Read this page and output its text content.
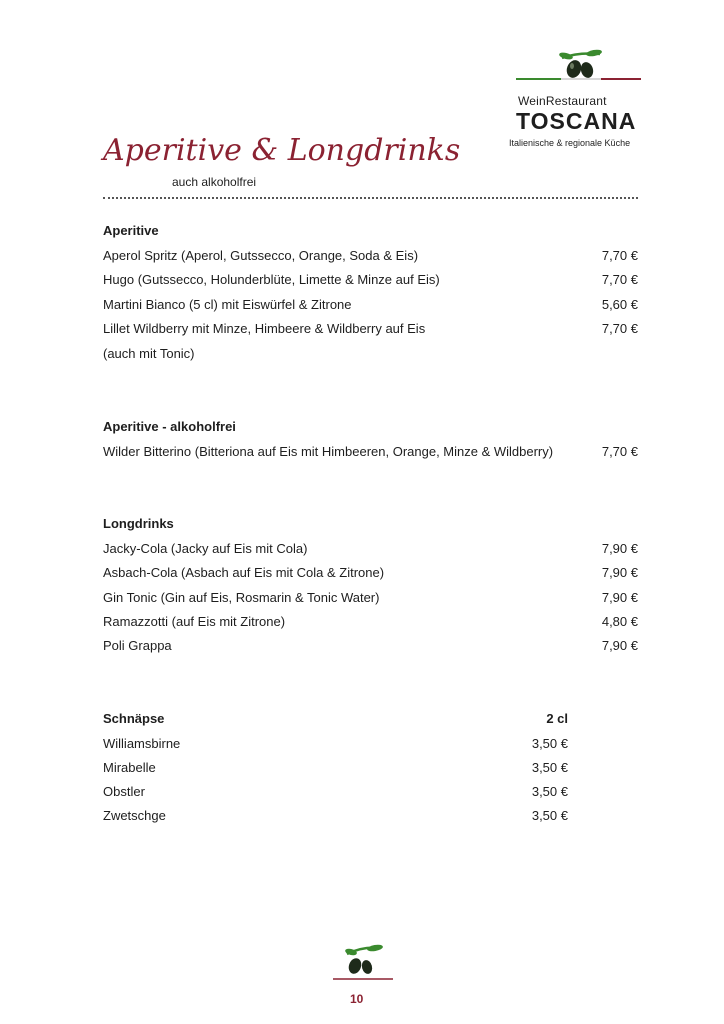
WeinRestaurant
TOSCANA
Italienische & regionale Küche
Aperitive & Longdrinks
auch alkoholfrei
Aperitive
Aperol Spritz (Aperol, Gutssecco, Orange, Soda & Eis)	7,70 €
Hugo (Gutssecco, Holunderblüte, Limette & Minze auf Eis)	7,70 €
Martini Bianco (5 cl) mit Eiswürfel & Zitrone	5,60 €
Lillet Wildberry mit Minze, Himbeere & Wildberry auf Eis	7,70 €
(auch mit Tonic)
Aperitive - alkoholfrei
Wilder Bitterino (Bitteriona auf Eis mit Himbeeren, Orange, Minze & Wildberry)	7,70 €
Longdrinks
Jacky-Cola (Jacky auf Eis mit Cola)	7,90 €
Asbach-Cola (Asbach auf Eis mit Cola & Zitrone)	7,90 €
Gin Tonic (Gin auf Eis, Rosmarin & Tonic Water)	7,90 €
Ramazzotti (auf Eis mit Zitrone)	4,80 €
Poli Grappa	7,90 €
Schnäpse	2 cl
Williamsbirne	3,50 €
Mirabelle	3,50 €
Obstler	3,50 €
Zwetschge	3,50 €
10
